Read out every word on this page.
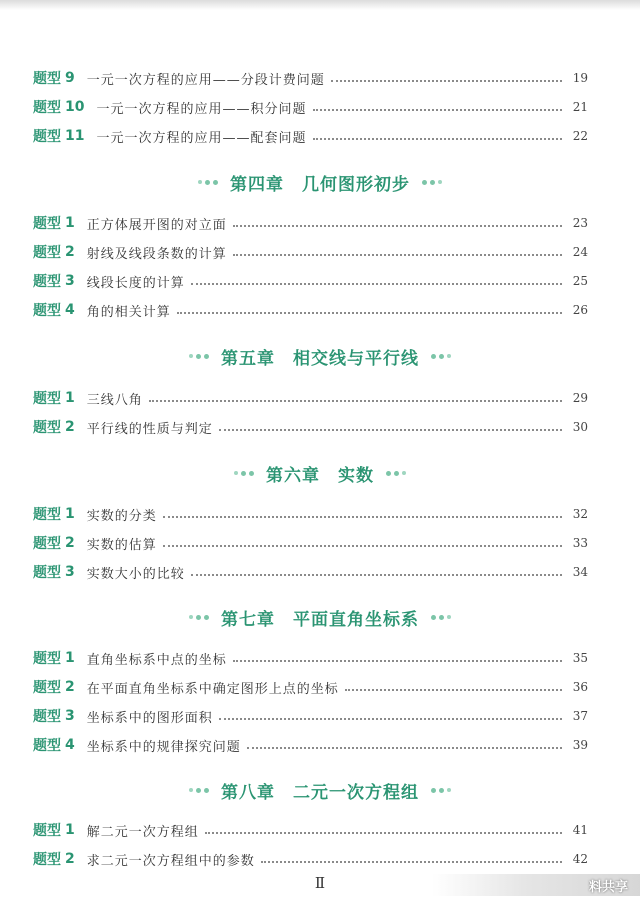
题型 9 一元一次方程的应用——分段计费问题	19
题型 10 一元一次方程的应用——积分问题	21
题型 11 一元一次方程的应用——配套问题	22
第四章　几何图形初步
题型 1 正方体展开图的对立面	23
题型 2 射线及线段条数的计算	24
题型 3 线段长度的计算	25
题型 4 角的相关计算	26
第五章　相交线与平行线
题型 1 三线八角	29
题型 2 平行线的性质与判定	30
第六章　实数
题型 1 实数的分类	32
题型 2 实数的估算	33
题型 3 实数大小的比较	34
第七章　平面直角坐标系
题型 1 直角坐标系中点的坐标	35
题型 2 在平面直角坐标系中确定图形上点的坐标	36
题型 3 坐标系中的图形面积	37
题型 4 坐标系中的规律探究问题	39
第八章　二元一次方程组
题型 1 解二元一次方程组	41
题型 2 求二元一次方程组中的参数	42
Ⅱ	料共享
